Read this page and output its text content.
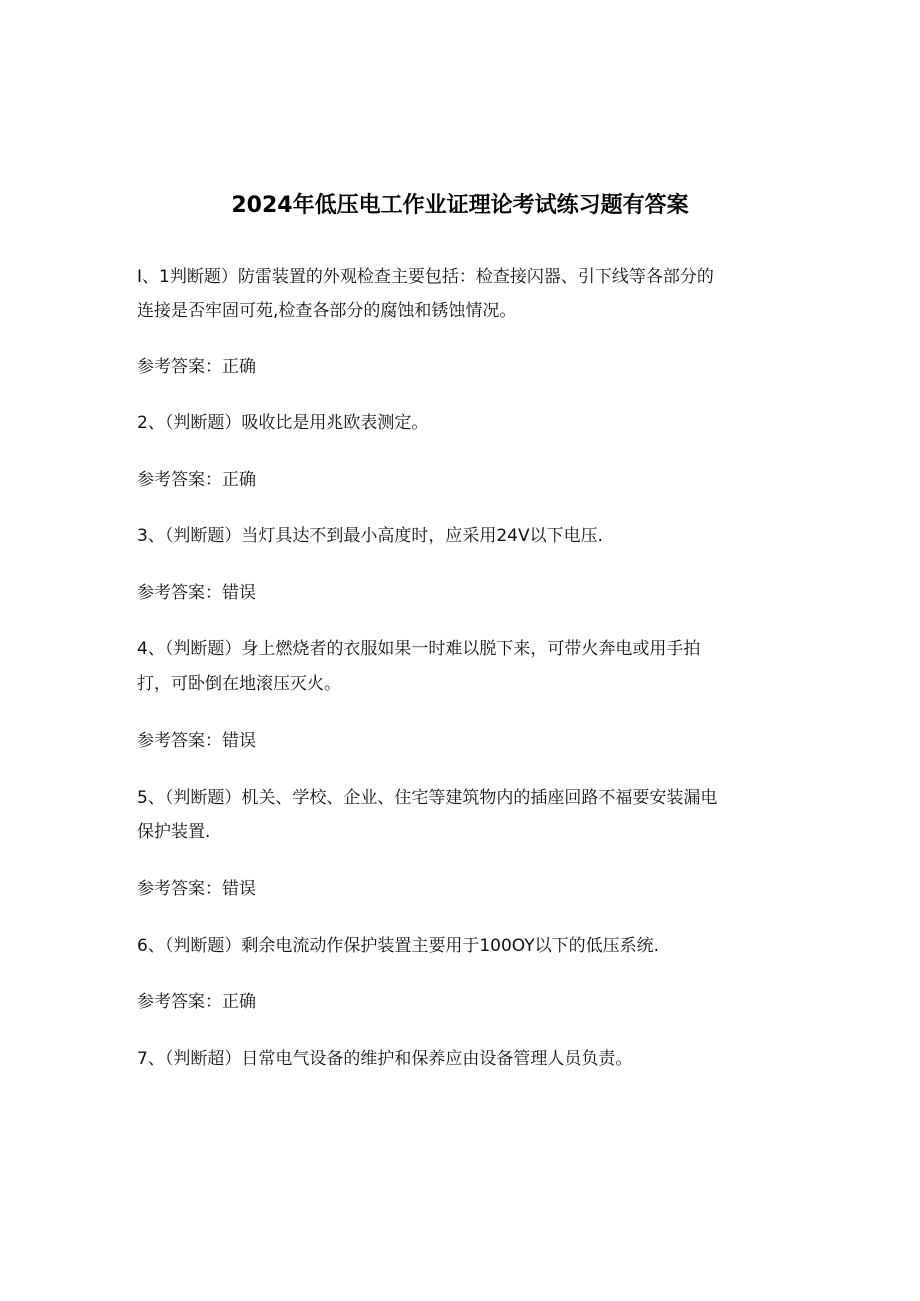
2024年低压电工作业证理论考试练习题有答案
I、1判断题）防雷装置的外观检查主要包括：检查接闪器、引下线等各部分的
连接是否牢固可苑,检查各部分的腐蚀和锈蚀情况。
参考答案：正确
2、（判断题）吸收比是用兆欧表测定。
参考答案：正确
3、（判断题）当灯具达不到最小高度时，应采用24V以下电压.
参考答案：错误
4、（判断题）身上燃烧者的衣服如果一时难以脱下来，可带火奔电或用手拍
打，可卧倒在地滚压灭火。
参考答案：错误
5、（判断题）机关、学校、企业、住宅等建筑物内的插座回路不福要安装漏电
保护装置.
参考答案：错误
6、（判断题）剩余电流动作保护装置主要用于100OY以下的低压系统.
参考答案：正确
7、（判断超）日常电气设备的维护和保养应由设备管理人员负责。
